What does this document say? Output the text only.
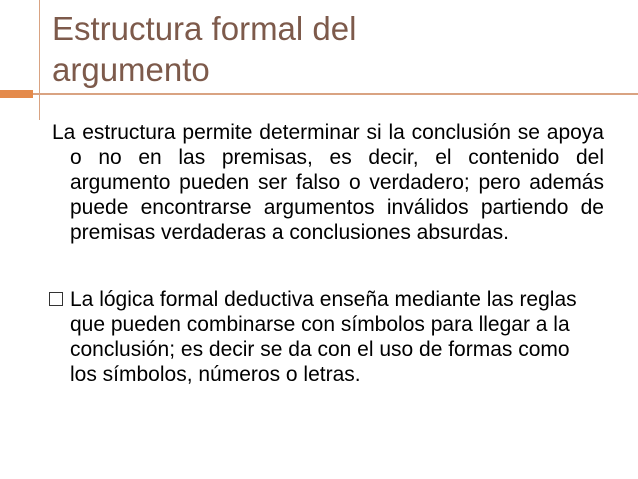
Estructura formal del
argumento
La estructura permite determinar si la conclusión se apoya o no en las premisas, es decir, el contenido del argumento pueden ser falso o verdadero; pero además puede encontrarse argumentos inválidos partiendo de premisas verdaderas a conclusiones absurdas.
La lógica formal deductiva enseña mediante las reglas que pueden combinarse con símbolos para llegar a la conclusión; es decir se da con el uso de formas como los símbolos, números o letras.
